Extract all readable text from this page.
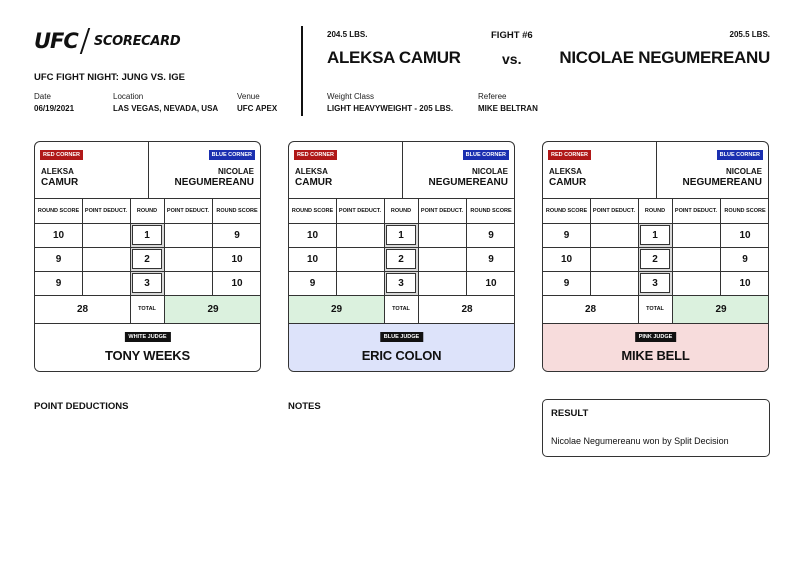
UFC SCORECARD
UFC FIGHT NIGHT: JUNG VS. IGE
Date
06/19/2021
Location
LAS VEGAS, NEVADA, USA
Venue
UFC APEX
204.5 LBS.	FIGHT #6	205.5 LBS.
ALEKSA CAMUR	vs. NICOLAE NEGUMEREANU
Weight Class
LIGHT HEAVYWEIGHT - 205 LBS.
Referee
MIKE BELTRAN
RED CORNER	BLUE CORNER
ALEKSA
CAMUR
NICOLAE
NEGUMEREANU
ROUND SCORE	POINT DEDUCT.	ROUND	POINT DEDUCT.	ROUND SCORE
10	1	9
9	2	10
9	3	10
28	TOTAL	29
WHITE JUDGE
TONY WEEKS
RED CORNER	BLUE CORNER
ALEKSA
CAMUR
NICOLAE
NEGUMEREANU
ROUND SCORE	POINT DEDUCT.	ROUND	POINT DEDUCT.	ROUND SCORE
10	1	9
10	2	9
9	3	10
29	TOTAL	28
BLUE JUDGE
ERIC COLON
RED CORNER	BLUE CORNER
ALEKSA
CAMUR
NICOLAE
NEGUMEREANU
ROUND SCORE	POINT DEDUCT.	ROUND	POINT DEDUCT.	ROUND SCORE
9	1	10
10	2	9
9	3	10
28	TOTAL	29
PINK JUDGE
MIKE BELL
POINT DEDUCTIONS	NOTES
RESULT
Nicolae Negumereanu won by Split Decision
